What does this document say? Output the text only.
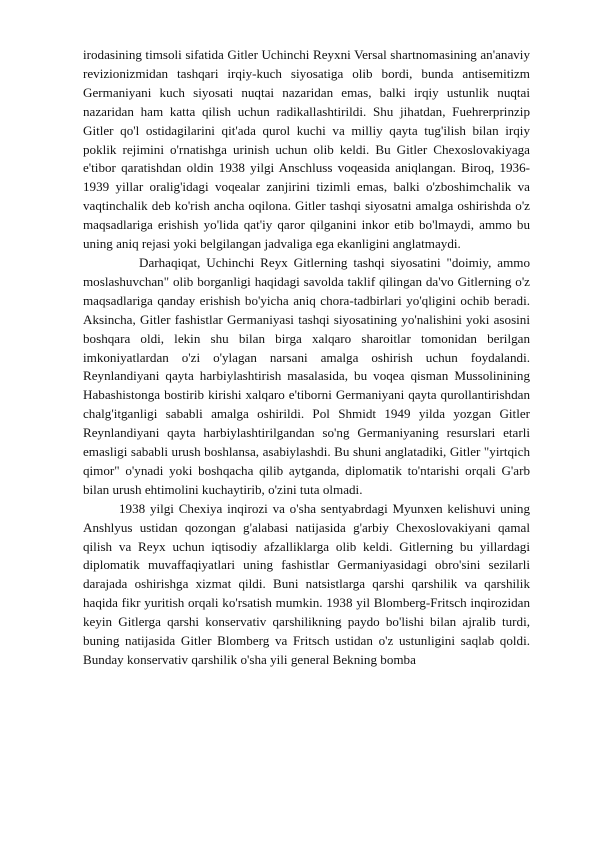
irodasining timsoli sifatida Gitler Uchinchi Reyxni Versal shartnomasining an'anaviy revizionizmidan tashqari irqiy-kuch siyosatiga olib bordi, bunda antisemitizm Germaniyani kuch siyosati nuqtai nazaridan emas, balki irqiy ustunlik nuqtai nazaridan ham katta qilish uchun radikallashtirildi. Shu jihatdan, Fuehrerprinzip Gitler qo'l ostidagilarini qit'ada qurol kuchi va milliy qayta tug'ilish bilan irqiy poklik rejimini o'rnatishga urinish uchun olib keldi. Bu Gitler Chexoslovakiyaga e'tibor qaratishdan oldin 1938 yilgi Anschluss voqeasida aniqlangan. Biroq, 1936-1939 yillar oralig'idagi voqealar zanjirini tizimli emas, balki o'zboshimchalik va vaqtinchalik deb ko'rish ancha oqilona. Gitler tashqi siyosatni amalga oshirishda o'z maqsadlariga erishish yo'lida qat'iy qaror qilganini inkor etib bo'lmaydi, ammo bu uning aniq rejasi yoki belgilangan jadvaliga ega ekanligini anglatmaydi.

Darhaqiqat, Uchinchi Reyx Gitlerning tashqi siyosatini "doimiy, ammo moslashuvchan" olib borganligi haqidagi savolda taklif qilingan da'vo Gitlerning o'z maqsadlariga qanday erishish bo'yicha aniq chora-tadbirlari yo'qligini ochib beradi. Aksincha, Gitler fashistlar Germaniyasi tashqi siyosatining yo'nalishini yoki asosini boshqara oldi, lekin shu bilan birga xalqaro sharoitlar tomonidan berilgan imkoniyatlardan o'zi o'ylagan narsani amalga oshirish uchun foydalandi. Reynlandiyani qayta harbiylashtirish masalasida, bu voqea qisman Mussolinining Habashistonga bostirib kirishi xalqaro e'tiborni Germaniyani qayta qurollantirishdan chalg'itganligi sababli amalga oshirildi. Pol Shmidt 1949 yilda yozgan Gitler Reynlandiyani qayta harbiylashtirilgandan so'ng Germaniyaning resurslari etarli emasligi sababli urush boshlansa, asabiylashdi. Bu shuni anglatadiki, Gitler "yirtqich qimor" o'ynadi yoki boshqacha qilib aytganda, diplomatik to'ntarishi orqali G'arb bilan urush ehtimolini kuchaytirib, o'zini tuta olmadi.

1938 yilgi Chexiya inqirozi va o'sha sentyabrdagi Myunxen kelishuvi uning Anshlyus ustidan qozongan g'alabasi natijasida g'arbiy Chexoslovakiyani qamal qilish va Reyx uchun iqtisodiy afzalliklarga olib keldi. Gitlerning bu yillardagi diplomatik muvaffaqiyatlari uning fashistlar Germaniyasidagi obro'sini sezilarli darajada oshirishga xizmat qildi. Buni natsistlarga qarshi qarshilik va qarshilik haqida fikr yuritish orqali ko'rsatish mumkin. 1938 yil Blomberg-Fritsch inqirozidan keyin Gitlerga qarshi konservativ qarshilikning paydo bo'lishi bilan ajralib turdi, buning natijasida Gitler Blomberg va Fritsch ustidan o'z ustunligini saqlab qoldi. Bunday konservativ qarshilik o'sha yili general Bekning bomba
